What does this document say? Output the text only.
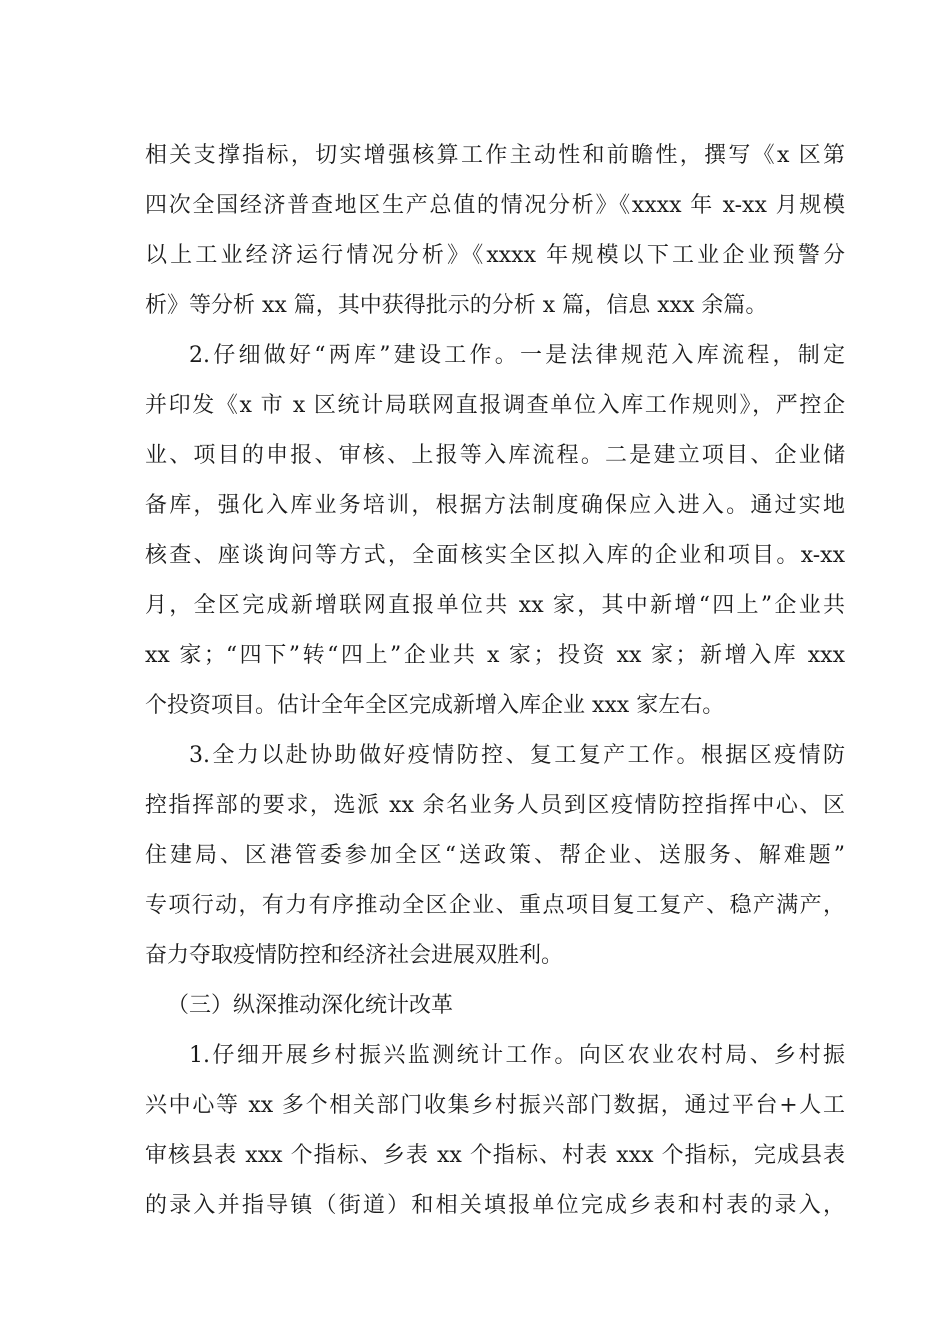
相关支撑指标，切实增强核算工作主动性和前瞻性，撰写《x 区第
四次全国经济普查地区生产总值的情况分析》《xxxx 年 x-xx 月规模
以上工业经济运行情况分析》《xxxx 年规模以下工业企业预警分
析》等分析 xx 篇，其中获得批示的分析 x 篇，信息 xxx 余篇。
2.仔细做好“两库”建设工作。一是法律规范入库流程，制定
并印发《x 市 x 区统计局联网直报调查单位入库工作规则》，严控企
业、项目的申报、审核、上报等入库流程。二是建立项目、企业储
备库，强化入库业务培训，根据方法制度确保应入进入。通过实地
核查、座谈询问等方式，全面核实全区拟入库的企业和项目。x-xx
月，全区完成新增联网直报单位共 xx 家，其中新增“四上”企业共
xx 家；“四下”转“四上”企业共 x 家；投资 xx 家；新增入库 xxx
个投资项目。估计全年全区完成新增入库企业 xxx 家左右。
3.全力以赴协助做好疫情防控、复工复产工作。根据区疫情防
控指挥部的要求，选派 xx 余名业务人员到区疫情防控指挥中心、区
住建局、区港管委参加全区“送政策、帮企业、送服务、解难题”
专项行动，有力有序推动全区企业、重点项目复工复产、稳产满产，
奋力夺取疫情防控和经济社会进展双胜利。
（三）纵深推动深化统计改革
1.仔细开展乡村振兴监测统计工作。向区农业农村局、乡村振
兴中心等 xx 多个相关部门收集乡村振兴部门数据，通过平台+人工
审核县表 xxx 个指标、乡表 xx 个指标、村表 xxx 个指标，完成县表
的录入并指导镇（街道）和相关填报单位完成乡表和村表的录入，
